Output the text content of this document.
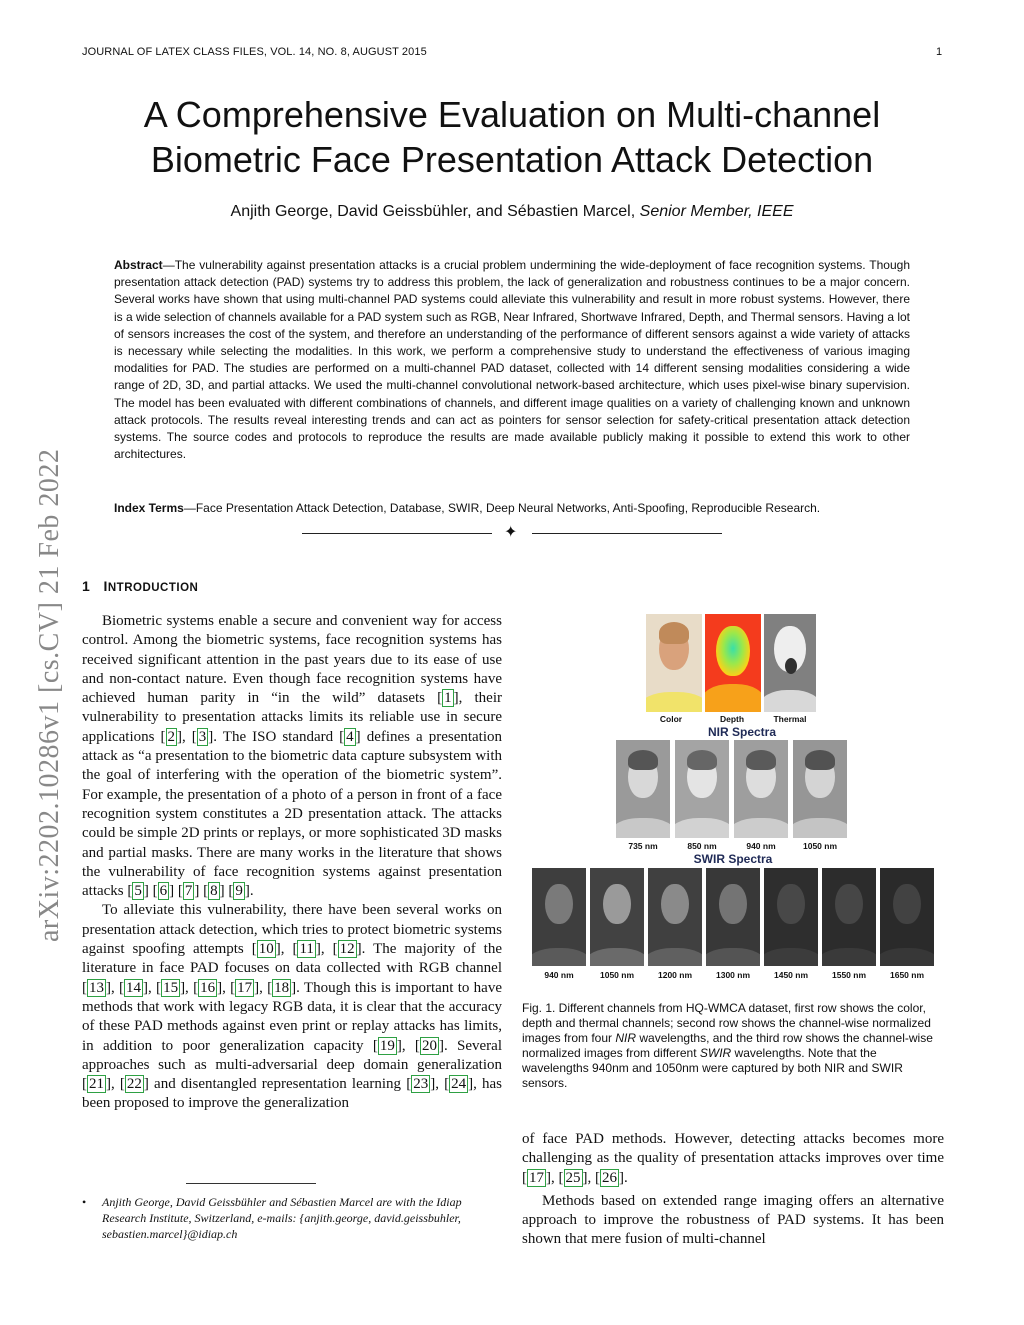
JOURNAL OF LATEX CLASS FILES, VOL. 14, NO. 8, AUGUST 2015	1
arXiv:2202.10286v1 [cs.CV] 21 Feb 2022
A Comprehensive Evaluation on Multi-channel
Biometric Face Presentation Attack Detection
Anjith George, David Geissbühler, and Sébastien Marcel, Senior Member, IEEE
Abstract—The vulnerability against presentation attacks is a crucial problem undermining the wide-deployment of face recognition systems. Though presentation attack detection (PAD) systems try to address this problem, the lack of generalization and robustness continues to be a major concern. Several works have shown that using multi-channel PAD systems could alleviate this vulnerability and result in more robust systems. However, there is a wide selection of channels available for a PAD system such as RGB, Near Infrared, Shortwave Infrared, Depth, and Thermal sensors. Having a lot of sensors increases the cost of the system, and therefore an understanding of the performance of different sensors against a wide variety of attacks is necessary while selecting the modalities. In this work, we perform a comprehensive study to understand the effectiveness of various imaging modalities for PAD. The studies are performed on a multi-channel PAD dataset, collected with 14 different sensing modalities considering a wide range of 2D, 3D, and partial attacks. We used the multi-channel convolutional network-based architecture, which uses pixel-wise binary supervision. The model has been evaluated with different combinations of channels, and different image qualities on a variety of challenging known and unknown attack protocols. The results reveal interesting trends and can act as pointers for sensor selection for safety-critical presentation attack detection systems. The source codes and protocols to reproduce the results are made available publicly making it possible to extend this work to other architectures.
Index Terms—Face Presentation Attack Detection, Database, SWIR, Deep Neural Networks, Anti-Spoofing, Reproducible Research.
✦
1 INTRODUCTION

Biometric systems enable a secure and convenient way for access control. Among the biometric systems, face recognition systems has received significant attention in the past years due to its ease of use and non-contact nature. Even though face recognition systems have achieved human parity in “in the wild” datasets [ 1 ], their vulnerability to presentation attacks limits its reliable use in secure applications [ 2 ], [ 3 ]. The ISO standard [ 4 ] defines a presentation attack as “a presentation to the biometric data capture subsystem with the goal of interfering with the operation of the biometric system”. For example, the presentation of a photo of a person in front of a face recognition system constitutes a 2D presentation attack. The attacks could be simple 2D prints or replays, or more sophisticated 3D masks and partial masks. There are many works in the literature that shows the vulnerability of face recognition systems against presentation attacks [ 5 ] [ 6 ] [ 7 ] [ 8 ] [ 9 ].

To alleviate this vulnerability, there have been several works on presentation attack detection, which tries to protect biometric systems against spoofing attempts [ 10 ], [ 11 ], [ 12 ]. The majority of the literature in face PAD focuses on data collected with RGB channel [ 13 ], [ 14 ], [ 15 ], [ 16 ], [ 17 ], [ 18 ]. Though this is important to have methods that work with legacy RGB data, it is clear that the accuracy of these PAD methods against even print or replay attacks has limits, in addition to poor generalization capacity [ 19 ], [ 20 ]. Several approaches such as multi-adversarial deep domain generalization [ 21 ], [ 22 ] and disentangled representation learning [ 23 ], [ 24 ], has been proposed to improve the generalization

• Anjith George, David Geissbühler and Sébastien Marcel are with the Idiap Research Institute, Switzerland, e-mails: {anjith.george, david.geissbuhler, sebastien.marcel}@idiap.ch
Color	Depth	Thermal
NIR Spectra
735 nm	850 nm	940 nm	1050 nm
SWIR Spectra
940 nm	1050 nm	1200 nm	1300 nm	1450 nm	1550 nm	1650 nm
Fig. 1. Different channels from HQ-WMCA dataset, first row shows the color, depth and thermal channels; second row shows the channel-wise normalized images from four NIR wavelengths, and the third row shows the channel-wise normalized images from different SWIR wavelengths. Note that the wavelengths 940nm and 1050nm were captured by both NIR and SWIR sensors.

of face PAD methods. However, detecting attacks becomes more challenging as the quality of presentation attacks improves over time [ 17 ], [ 25 ], [ 26 ].

Methods based on extended range imaging offers an alternative approach to improve the robustness of PAD systems. It has been shown that mere fusion of multi-channel
